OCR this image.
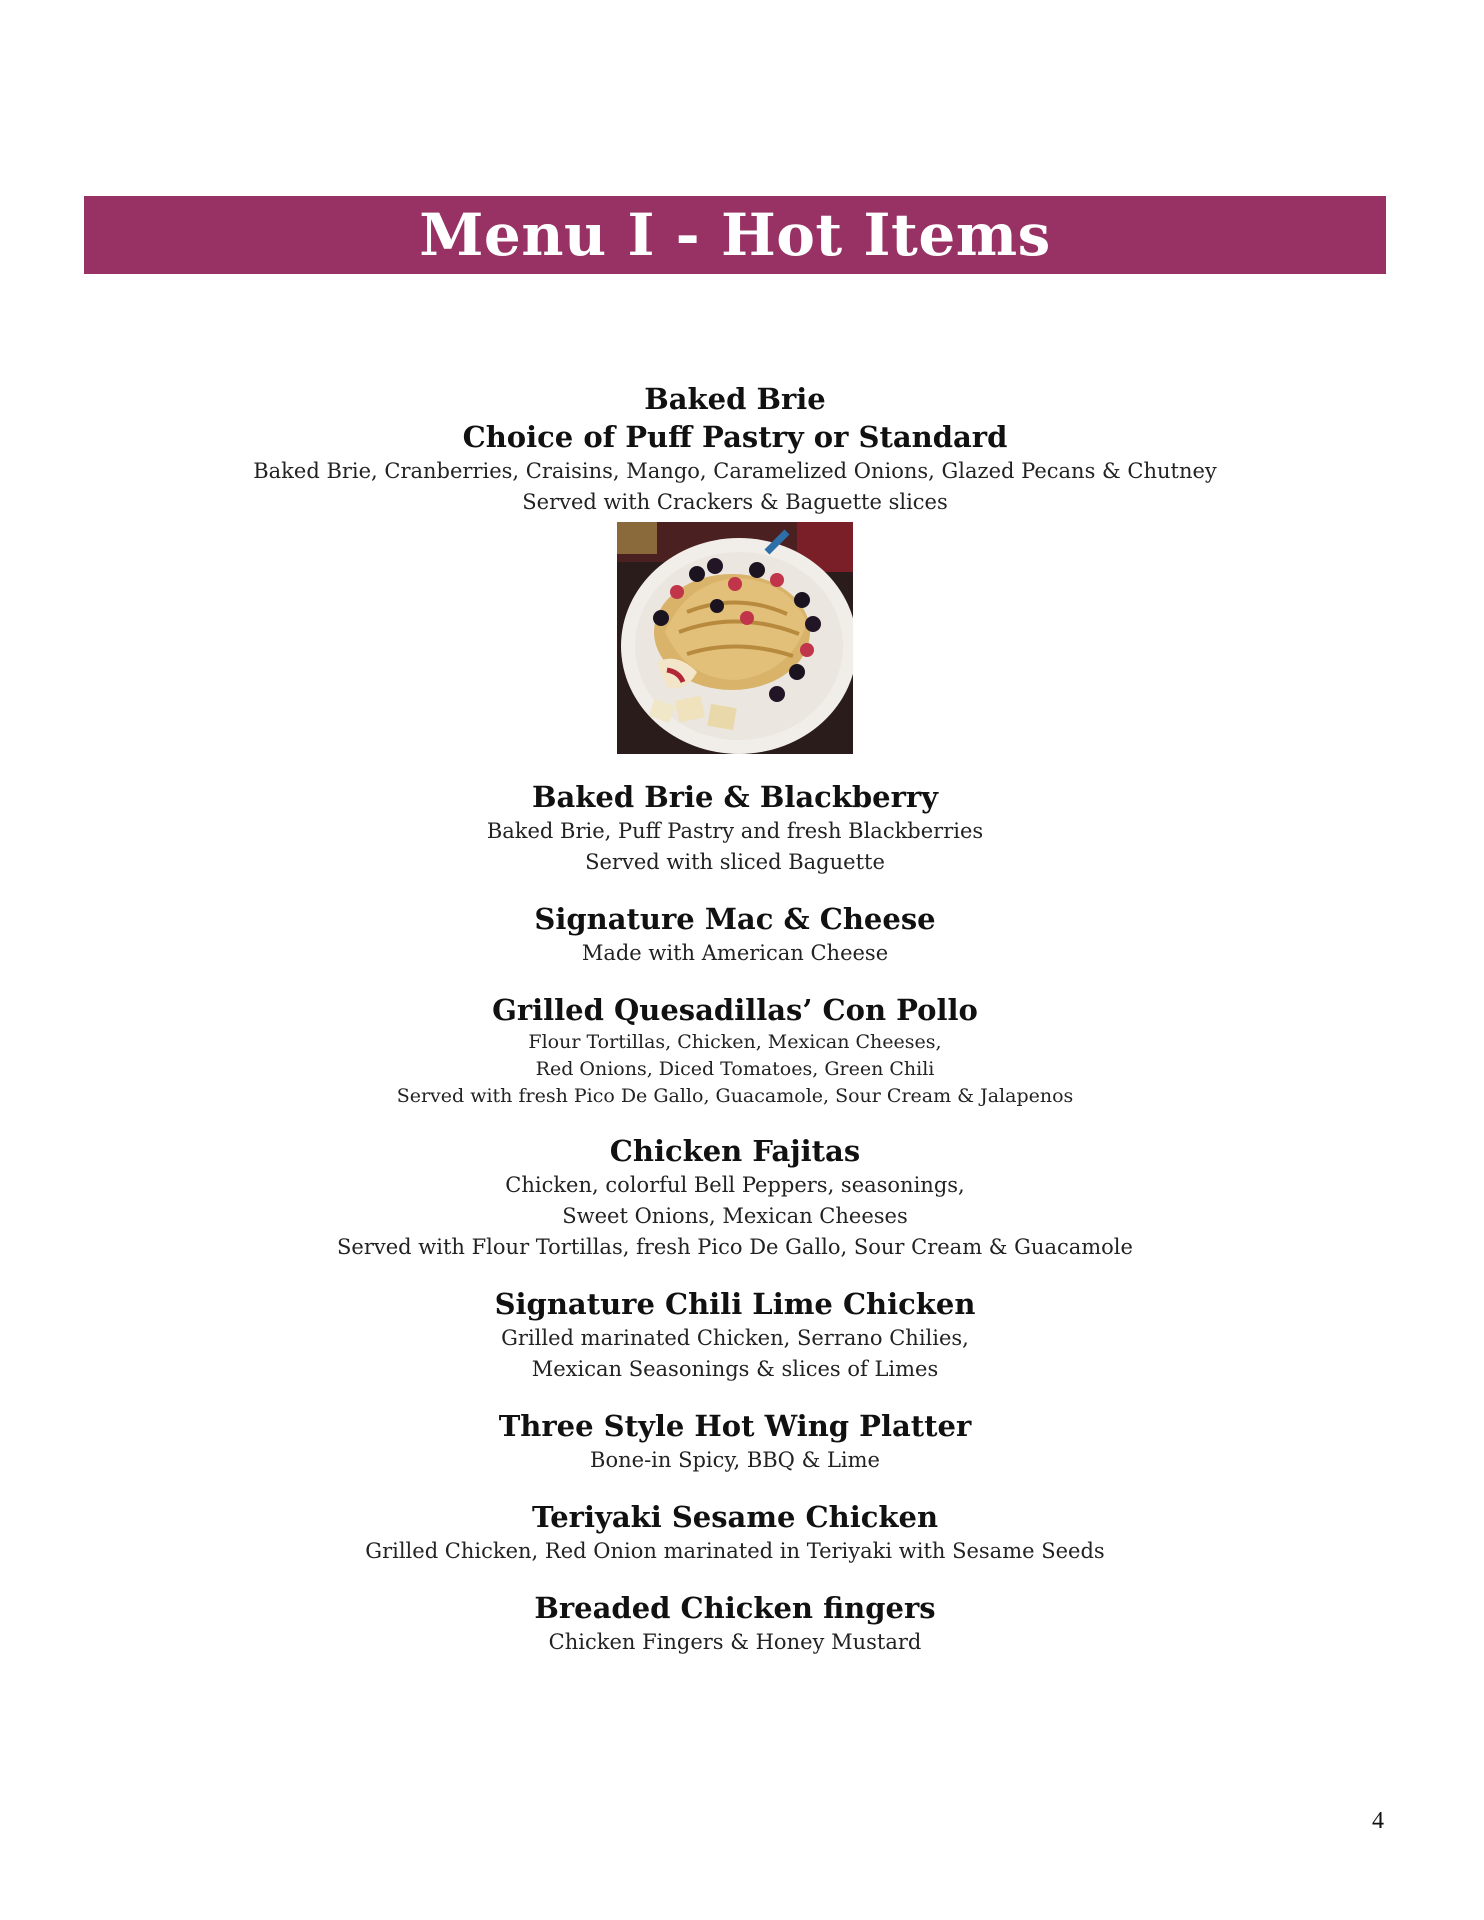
Menu I - Hot Items

Baked Brie

Choice of Puff Pastry or Standard

Baked Brie, Cranberries, Craisins, Mango, Caramelized Onions, Glazed Pecans & Chutney
Served with Crackers & Baguette slices

Baked Brie & Blackberry

Baked Brie, Puff Pastry and fresh Blackberries
Served with sliced Baguette

Signature Mac & Cheese

Made with American Cheese

Grilled Quesadillas’ Con Pollo

Flour Tortillas, Chicken, Mexican Cheeses,
Red Onions, Diced Tomatoes, Green Chili
Served with fresh Pico De Gallo, Guacamole, Sour Cream & Jalapenos

Chicken Fajitas

Chicken, colorful Bell Peppers, seasonings,
Sweet Onions, Mexican Cheeses
Served with Flour Tortillas, fresh Pico De Gallo, Sour Cream & Guacamole

Signature Chili Lime Chicken

Grilled marinated Chicken, Serrano Chilies,
Mexican Seasonings & slices of Limes

Three Style Hot Wing Platter

Bone-in Spicy, BBQ & Lime

Teriyaki Sesame Chicken

Grilled Chicken, Red Onion marinated in Teriyaki with Sesame Seeds

Breaded Chicken fingers

Chicken Fingers & Honey Mustard
4
